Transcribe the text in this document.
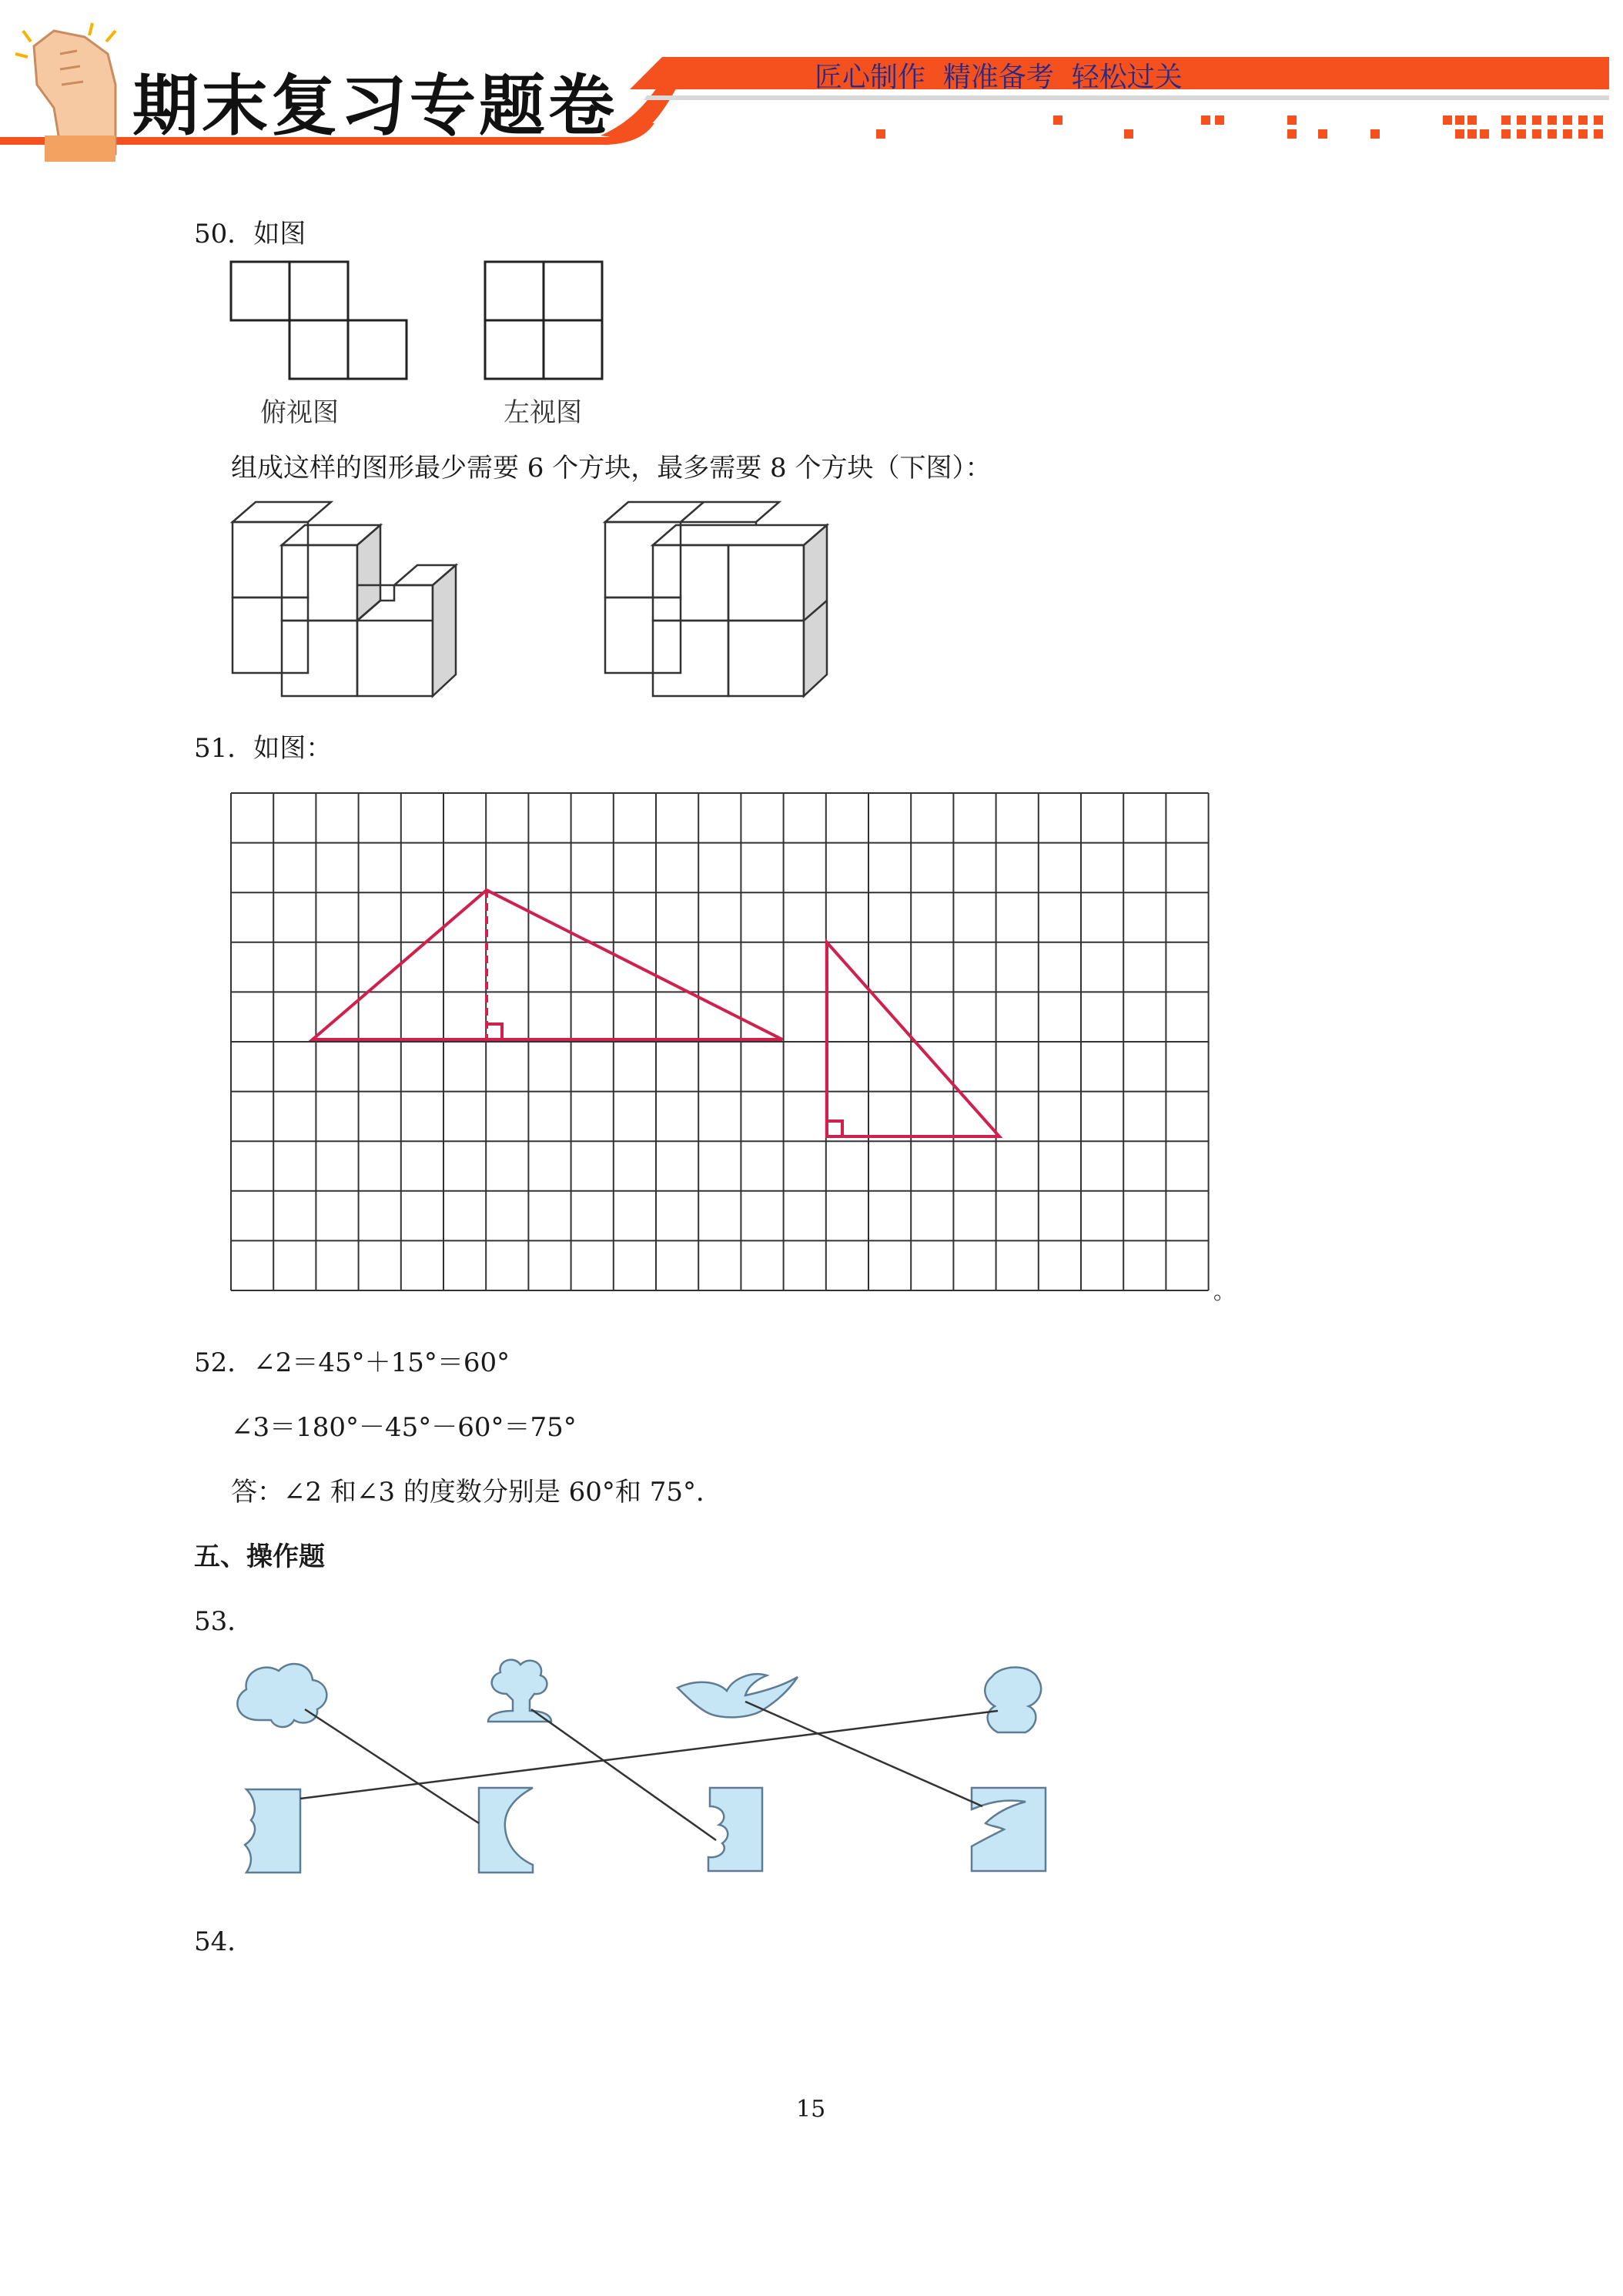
期末复习专题卷	匠心制作  精准备考  轻松过关
50．如图
俯视图	左视图
组成这样的图形最少需要 6 个方块，最多需要 8 个方块（下图）：
51．如图：
。
52．∠2＝45°＋15°＝60°
∠3＝180°－45°－60°＝75°
答：∠2 和∠3 的度数分别是 60°和 75°．
五、操作题
53．
54．
15
